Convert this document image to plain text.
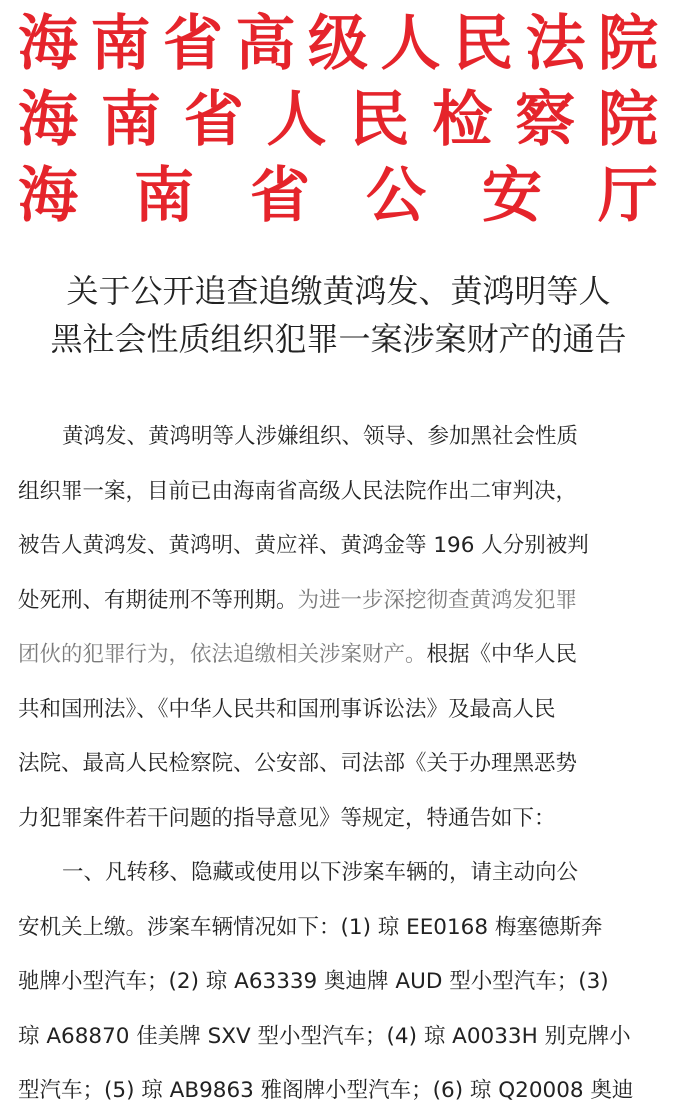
海 南 省 高 级 人 民 法 院
海 南 省 人 民 检 察 院
海 南 省 公 安 厅
关于公开追查追缴黄鸿发、黄鸿明等人
黑社会性质组织犯罪一案涉案财产的通告
黄鸿发、黄鸿明等人涉嫌组织、领导、参加黑社会性质
组织罪一案，目前已由海南省高级人民法院作出二审判决，
被告人黄鸿发、黄鸿明、黄应祥、黄鸿金等 196 人分别被判
处死刑、有期徒刑不等刑期。为进一步深挖彻查黄鸿发犯罪
团伙的犯罪行为，依法追缴相关涉案财产。根据《中华人民
共和国刑法》、《中华人民共和国刑事诉讼法》及最高人民
法院、最高人民检察院、公安部、司法部《关于办理黑恶势
力犯罪案件若干问题的指导意见》等规定，特通告如下：
一、凡转移、隐藏或使用以下涉案车辆的，请主动向公
安机关上缴。涉案车辆情况如下：(1) 琼 EE0168 梅塞德斯奔
驰牌小型汽车；(2) 琼 A63339 奥迪牌 AUD 型小型汽车；(3)
琼 A68870 佳美牌 SXV 型小型汽车；(4) 琼 A0033H 别克牌小
型汽车；(5) 琼 AB9863 雅阁牌小型汽车；(6) 琼 Q20008 奥迪
